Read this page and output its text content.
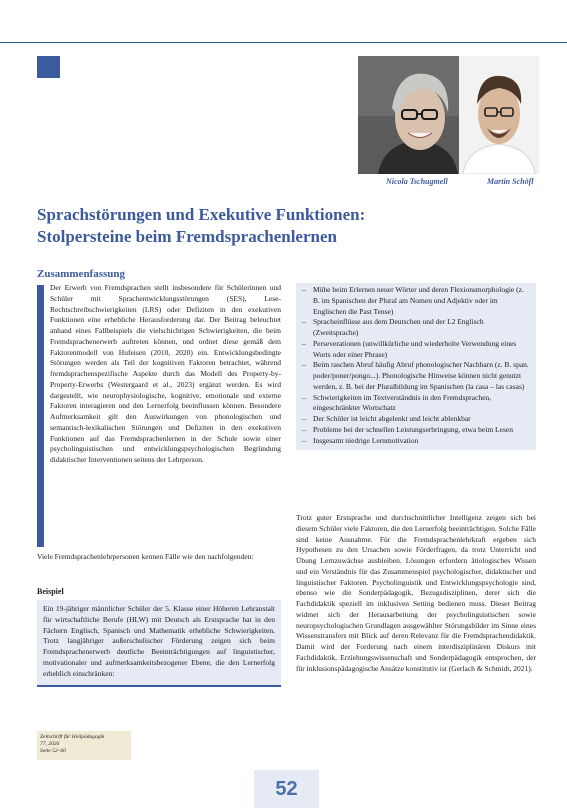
Nicola Tschugmell	Martin Schöfl
Sprachstörungen und Exekutive Funktionen:
Stolpersteine beim Fremdsprachenlernen
Zusammenfassung

Der Erwerb von Fremdsprachen stellt insbesondere für Schülerinnen und Schüler mit Sprachentwicklungsstörungen (SES), Lese-Rechtschreibschwierigkeiten (LRS) oder Defiziten in den exekutiven Funktionen eine erhebliche Herausforderung dar. Der Beitrag beleuchtet anhand eines Fallbeispiels die vielschichtigen Schwierigkeiten, die beim Fremdsprachenerwerb auftreten können, und ordnet diese gemäß dem Faktorenmodell von Hufeisen (2010, 2020) ein. Entwicklungsbedingte Störungen werden als Teil der kognitiven Faktoren betrachtet, während fremdsprachenspezifische Aspekte durch das Modell des Property-by-Property-Erwerbs (Westergaard et al., 2023) ergänzt werden. Es wird dargestellt, wie neurophysiologische, kognitive, emotionale und externe Faktoren interagieren und den Lernerfolg beeinflussen können. Besondere Aufmerksamkeit gilt den Auswirkungen von phonologischen und semantisch-lexikalischen Störungen und Defiziten in den exekutiven Funktionen auf das Fremdsprachenlernen in der Schule sowie einer psycholinguistischen und entwicklungspsychologischen Begründung didaktischer Interventionen seitens der Lehrperson.

– Mühe beim Erlernen neuer Wörter und deren Flexionsmorphologie (z. B. im Spanischen der Plural am Nomen und Adjektiv oder im Englischen die Past Tense)
– Spracheinflüsse aus dem Deutschen und der L2 Englisch (Zweitsprache)
– Perseverationen (unwillkürliche und wiederholte Verwendung eines Worts oder einer Phrase)
– Beim raschen Abruf häufig Abruf phonologischer Nachbarn (z. B. span. poder/poner/pongo...). Phonologische Hinweise können nicht genutzt werden, z. B. bei der Pluralbildung im Spanischen (la casa – las casas)
– Schwierigkeiten im Textverständnis in den Fremdsprachen, eingeschränkter Wortschatz
– Der Schüler ist leicht abgelenkt und leicht ablenkbar
– Probleme bei der schnellen Leistungserbringung, etwa beim Lesen
– Insgesamt niedrige Lernmotivation

Viele Fremdsprachenlehrpersonen kennen Fälle wie den nachfolgenden:

Beispiel

Ein 19-jähriger männlicher Schüler der 5. Klasse einer Höheren Lehranstalt für wirtschaftliche Berufe (HLW) mit Deutsch als Erstsprache hat in den Fächern Englisch, Spanisch und Mathematik erhebliche Schwierigkeiten. Trotz langjähriger außerschulischer Förderung zeigen sich beim Fremdsprachenerwerb deutliche Beeinträchtigungen auf linguistischer, motivationaler und aufmerksamkeitsbezogener Ebene, die den Lernerfolg erheblich einschränken:

Trotz guter Erstsprache und durchschnittlicher Intelligenz zeigen sich bei diesem Schüler viele Faktoren, die den Lernerfolg beeinträchtigen. Solche Fälle sind keine Ausnahme. Für die Fremdsprachenlehrkraft ergeben sich Hypothesen zu den Ursachen sowie Förderfragen, da trotz Unterricht und Übung Lernzuwächse ausbleiben. Lösungen erfordern ätiologisches Wissen und ein Verständnis für das Zusammenspiel psychologischer, didaktischer und linguistischer Faktoren. Psycholinguistik und Entwicklungspsychologie sind, ebenso wie die Sonderpädagogik, Bezugsdisziplinen, derer sich die Fachdidaktik speziell im inklusiven Setting bedienen muss. Dieser Beitrag widmet sich der Herausarbeitung der psycholinguistischen sowie neuropsychologischen Grundlagen ausgewählter Störungsbilder im Sinne eines Wissenstransfers mit Blick auf deren Relevanz für die Fremdsprachendidaktik. Damit wird der Forderung nach einem interdisziplinären Diskurs mit Fachdidaktik, Erziehungswissenschaft und Sonderpädagogik entsprochen, der für inklusionspädagogische Ansätze konstitutiv ist (Gerlach & Schmidt, 2021).

Zeitschrift für Heilpädagogik
77, 2026
Seite 52–60
52
